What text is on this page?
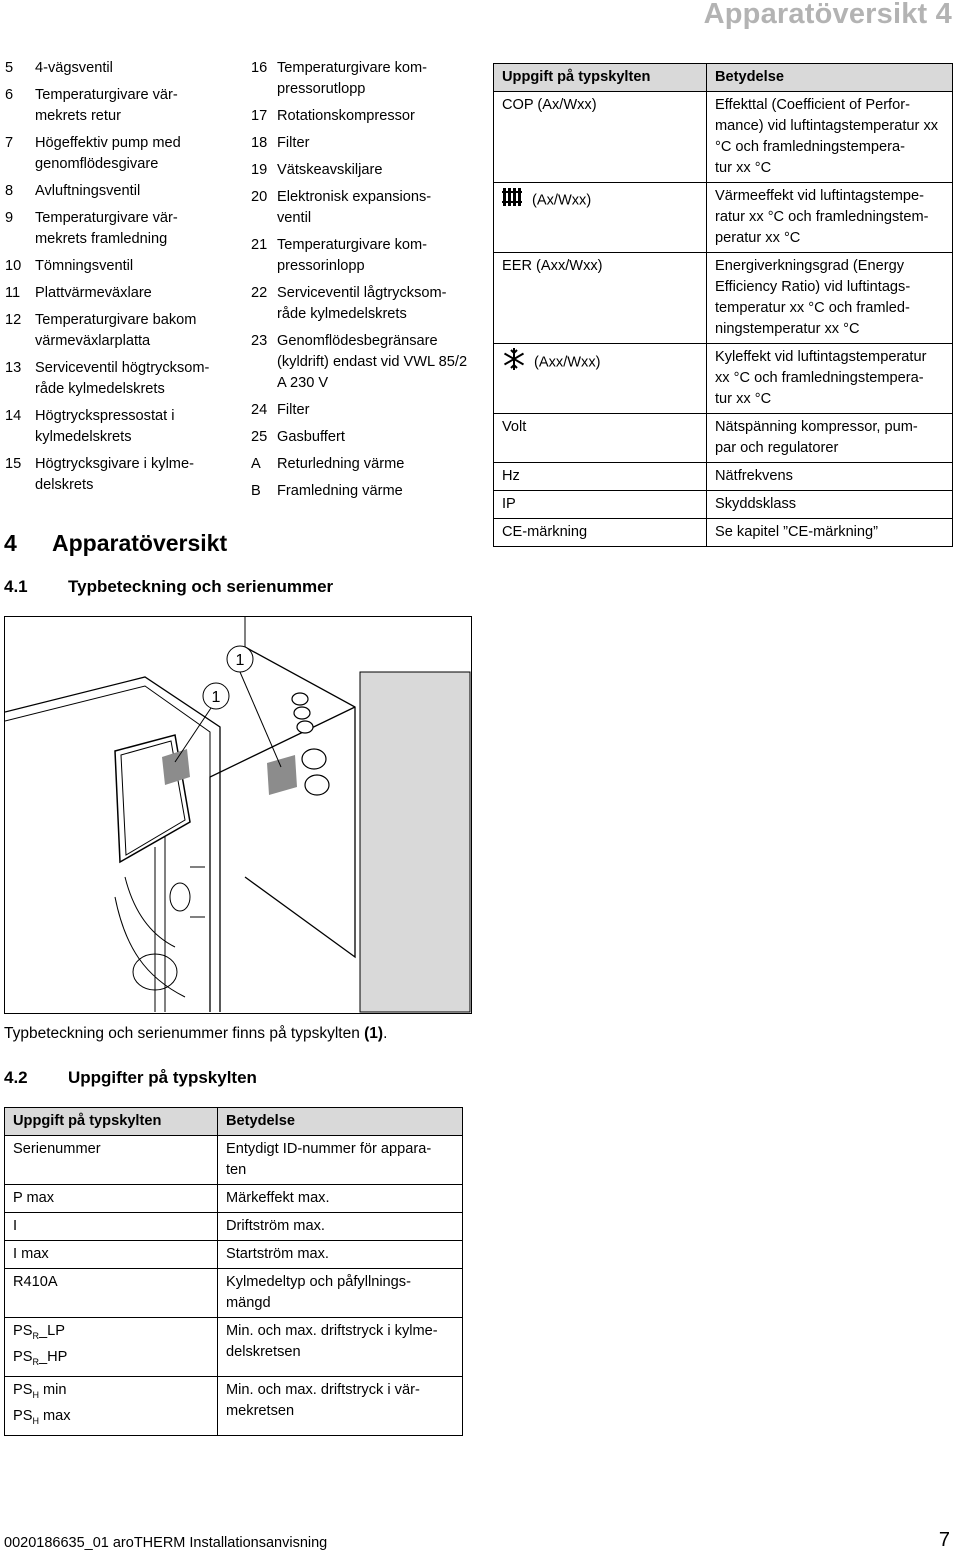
Apparatöversikt 4
5 4-vägsventil
6 Temperaturgivare vär-
mekrets retur
7 Högeffektiv pump med genomflödesgivare
8 Avluftningsventil
9 Temperaturgivare vär-
mekrets framledning
10 Tömningsventil
11 Plattvärmeväxlare
12 Temperaturgivare bakom värmeväxlarplatta
13 Serviceventil högtrycksom-
råde kylmedelskrets
14 Högtryckspressostat i kylmedelskrets
15 Högtrycksgivare i kylme-
delskrets
16 Temperaturgivare kom-
pressorutlopp
17 Rotationskompressor
18 Filter
19 Vätskeavskiljare
20 Elektronisk expansions-
ventil
21 Temperaturgivare kom-
pressorinlopp
22 Serviceventil lågtrycksom-
råde kylmedelskrets
23 Genomflödesbegränsare (kyldrift) endast vid VWL 85/2 A 230 V
24 Filter
25 Gasbuffert
A Returledning värme
B Framledning värme
Uppgift på typskylten	Betydelse
COP (Ax/Wxx)	Effekttal (Coefficient of Perfor-
mance) vid luftintagstemperatur xx °C och framledningstempera-
tur xx °C
(Ax/Wxx)	Värmeeffekt vid luftintagstempe-
ratur xx °C och framledningstem-
peratur xx °C
EER (Axx/Wxx)	Energiverkningsgrad (Energy Efficiency Ratio) vid luftintags-
temperatur xx °C och framled-
ningstemperatur xx °C
(Axx/Wxx)	Kyleffekt vid luftintagstemperatur xx °C och framledningstempera-
tur xx °C
Volt	Nätspänning kompressor, pum-
par och regulatorer
Hz	Nätfrekvens
IP	Skyddsklass
CE-märkning	Se kapitel ”CE-märkning”
4 Apparatöversikt
4.1 Typbeteckning och serienummer
1
1
Typbeteckning och serienummer finns på typskylten (1).
4.2 Uppgifter på typskylten
Uppgift på typskylten	Betydelse
Serienummer	Entydigt ID-nummer för appara-
ten
P max	Märkeffekt max.
I	Driftström max.
I max	Startström max.
R410A	Kylmedeltyp och påfyllnings-
mängd
$PS_R\_LP$
$PS_R\_HP$	Min. och max. driftstryck i kylme-
delskretsen
$PS_H$ min
$PS_H$ max	Min. och max. driftstryck i vär-
mekretsen
0020186635_01 aroTHERM Installationsanvisning	7
